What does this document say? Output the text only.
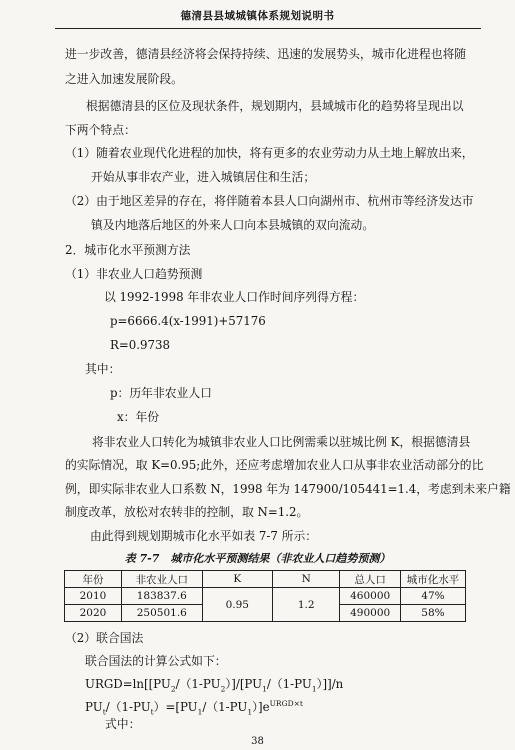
德清县县域城镇体系规划说明书
进一步改善，德清县经济将会保持持续、迅速的发展势头，城市化进程也将随
之进入加速发展阶段。
根据德清县的区位及现状条件，规划期内，县域城市化的趋势将呈现出以
下两个特点：
（1）随着农业现代化进程的加快，将有更多的农业劳动力从土地上解放出来，
开始从事非农产业，进入城镇居住和生活；
（2）由于地区差异的存在，将伴随着本县人口向湖州市、杭州市等经济发达市
镇及内地落后地区的外来人口向本县城镇的双向流动。
2．城市化水平预测方法
（1）非农业人口趋势预测
以 1992-1998 年非农业人口作时间序列得方程：
p=6666.4(x-1991)+57176
R=0.9738
其中：
p：历年非农业人口
x：年份
将非农业人口转化为城镇非农业人口比例需乘以驻城比例 K，根据德清县
的实际情况，取 K=0.95;此外，还应考虑增加农业人口从事非农业活动部分的比
例，即实际非农业人口系数 N，1998 年为 147900/105441=1.4，考虑到未来户籍
制度改革，放松对农转非的控制，取 N=1.2。
由此得到规划期城市化水平如表 7-7 所示：
表 7-7　城市化水平预测结果（非农业人口趋势预测）
年份	非农业人口	K	N	总人口	城市化水平
2010	183837.6	0.95	1.2	460000	47%
2020	250501.6			490000	58%
（2）联合国法
联合国法的计算公式如下：
$URGD=\ln[[PU_2/(1-PU_2)]/[PU_1/(1-PU_1)]]/n$
$PU_t/(1-PU_t)=[PU_1/(1-PU_1)]e^{URGD\times t}$
式中：
38
